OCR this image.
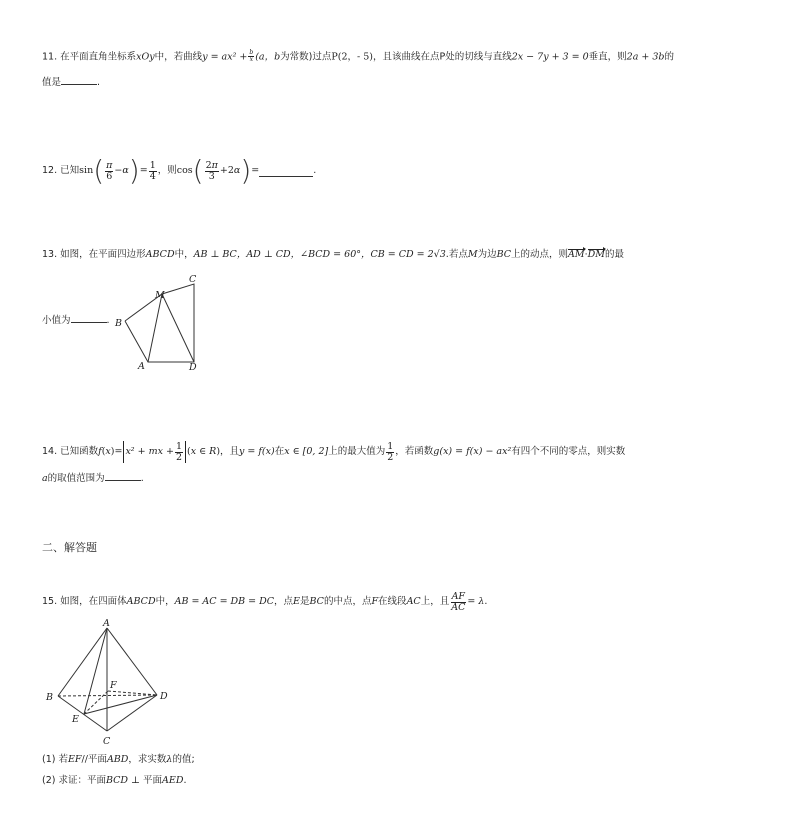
11. 在平面直角坐标系xOy中，若曲线$y = ax^2 + \frac{b}{x} (a$，b为常数)过点P(2，- 5)，且该曲线在点P处的切线与直线2x − 7y + 3 = 0垂直，则2a + 3b的
值是	.
12.
已知 sin ( $\frac{\pi}{6} -\alpha$ ) = $\frac{1}{4}$ ，则 cos ( $\frac{2\pi}{3} +2$ α ) =	.
13. 如图，在平面四边形ABCD中，AB ⊥ BC，AD ⊥ CD，∠BCD = 60°，CB = CD = 2√3.若点M为边BC上的动点，则AM·DM的最
小值为	.
C
M
B
A	D
14.
已知函数 f ( x )= x² + mx + $\frac{1}{2}$ ( x ∈ R ) ，且 y = f(x) 在 x ∈ [0, 2] 上的最大值为 $\frac{1}{2}$ ，若函数 g(x) = f(x) − ax² 有四个不同的零点，则实数
a的取值范围为	.
二、解答题
15.
如图，在四面体 ABCD 中， AB = AC = DB = DC ，点 E 是 BC 的中点，点 F 在线段 AC 上，且 $\frac{AF}{AC} = \lambda$ .
A
B	D
F
E
C
(1) 若EF//平面ABD，求实数λ的值;
(2) 求证：平面BCD ⊥ 平面AED.
